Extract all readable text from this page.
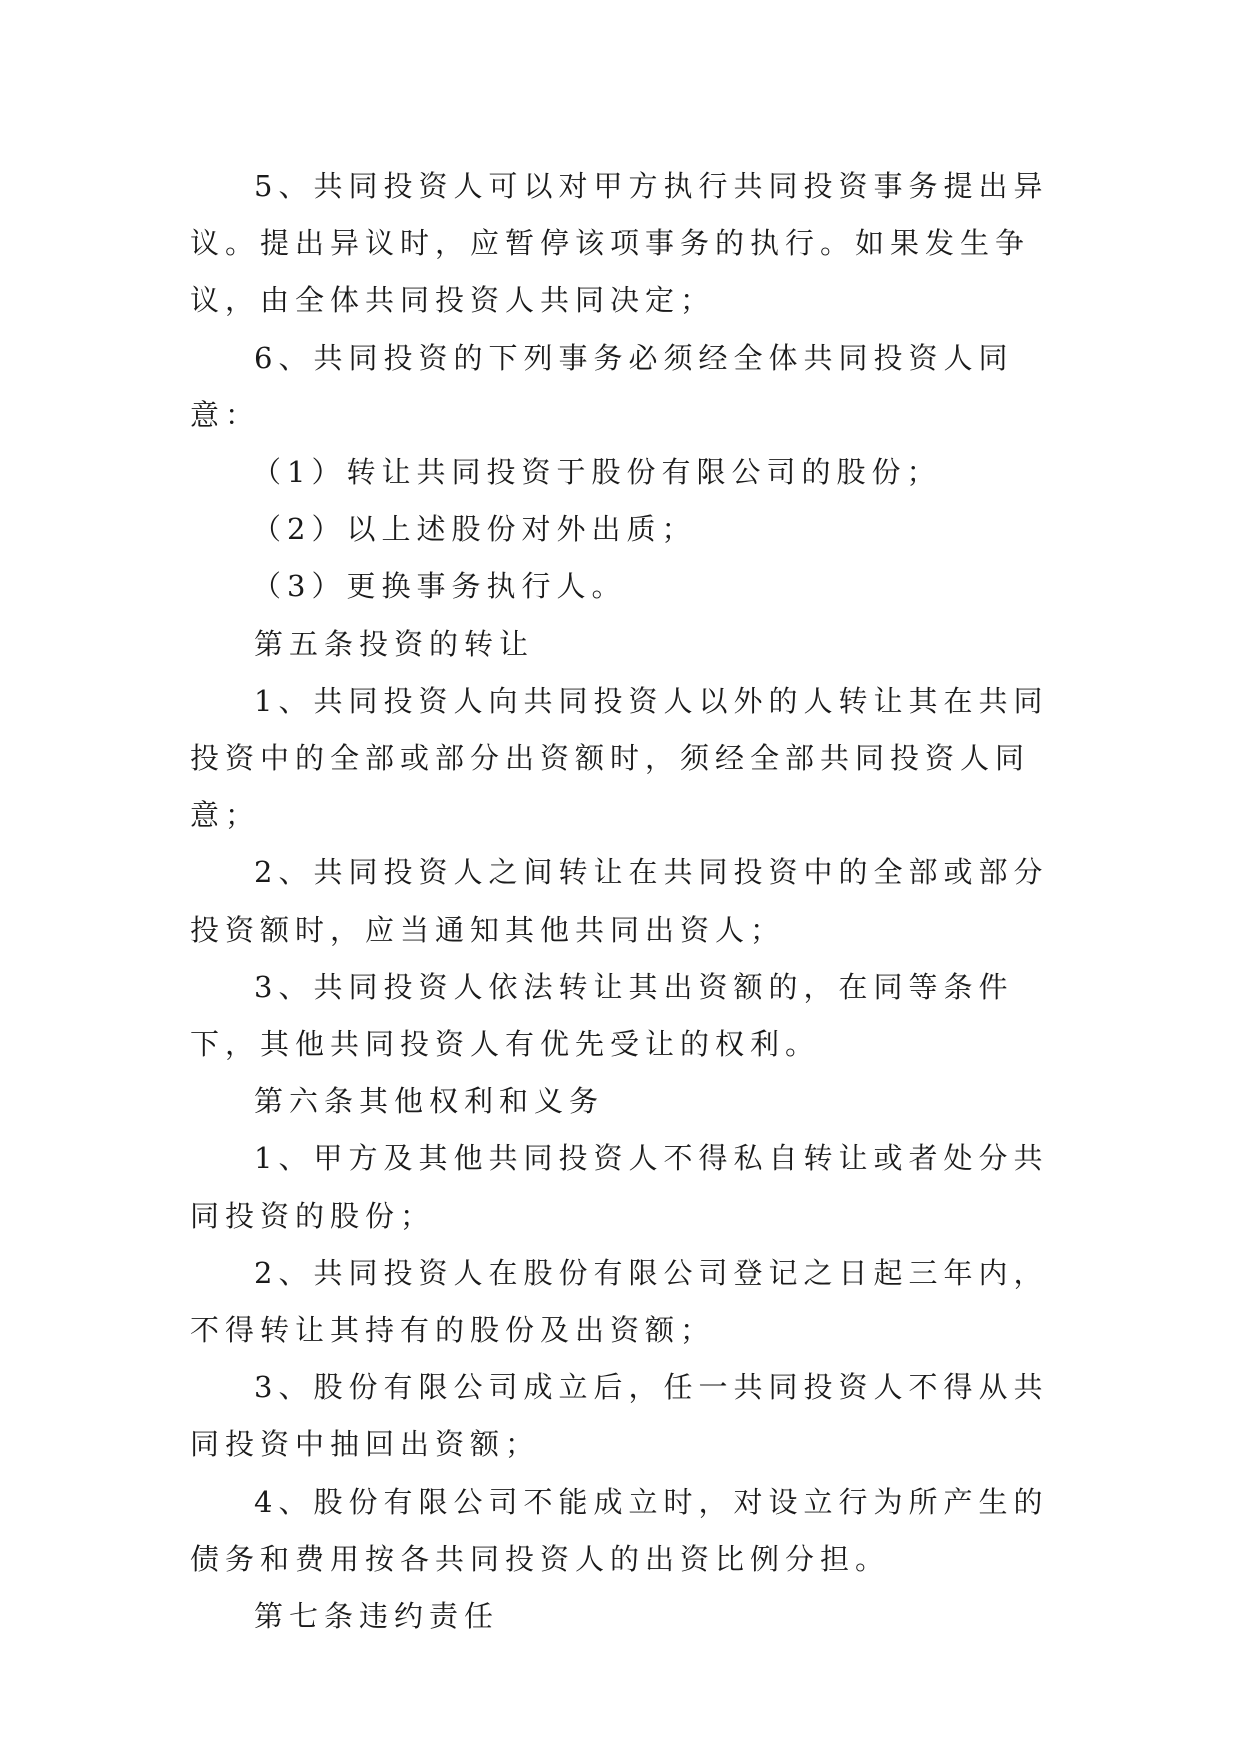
5、共同投资人可以对甲方执行共同投资事务提出异议。提出异议时，应暂停该项事务的执行。如果发生争议，由全体共同投资人共同决定；

6、共同投资的下列事务必须经全体共同投资人同意：

（1）转让共同投资于股份有限公司的股份；

（2）以上述股份对外出质；

（3）更换事务执行人。

第五条投资的转让

1、共同投资人向共同投资人以外的人转让其在共同投资中的全部或部分出资额时，须经全部共同投资人同意；

2、共同投资人之间转让在共同投资中的全部或部分投资额时，应当通知其他共同出资人；

3、共同投资人依法转让其出资额的，在同等条件下，其他共同投资人有优先受让的权利。

第六条其他权利和义务

1、甲方及其他共同投资人不得私自转让或者处分共同投资的股份；

2、共同投资人在股份有限公司登记之日起三年内，不得转让其持有的股份及出资额；

3、股份有限公司成立后，任一共同投资人不得从共同投资中抽回出资额；

4、股份有限公司不能成立时，对设立行为所产生的债务和费用按各共同投资人的出资比例分担。

第七条违约责任
